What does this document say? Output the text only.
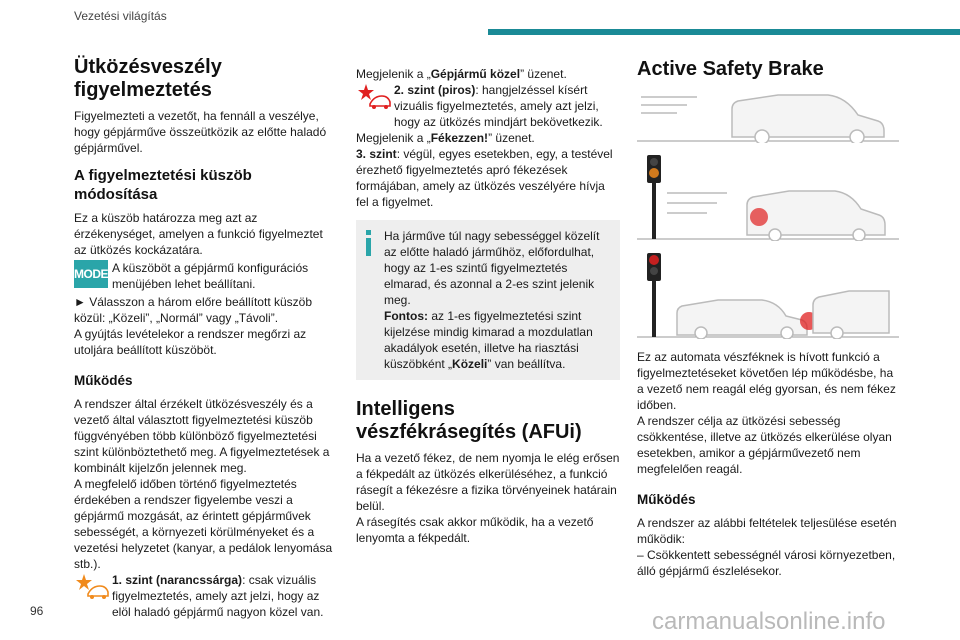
Vezetési világítás
Ütközésveszély figyelmeztetés

Figyelmezteti a vezetőt, ha fennáll a veszélye, hogy gépjárműve összeütközik az előtte haladó gépjárművel.

A figyelmeztetési küszöb módosítása

Ez a küszöb határozza meg azt az érzékenységet, amelyen a funkció figyelmeztet az ütközés kockázatára.

MODE A küszöböt a gépjármű konfigurációs menüjében lehet beállítani.

► Válasszon a három előre beállított küszöb közül: „Közeli”, „Normál” vagy „Távoli”.

A gyújtás levételekor a rendszer megőrzi az utoljára beállított küszöböt.

Működés

A rendszer által érzékelt ütközésveszély és a vezető által választott figyelmeztetési küszöb függvényében több különböző figyelmeztetési szint különböztethető meg. A figyelmeztetések a kombinált kijelzőn jelennek meg.

A megfelelő időben történő figyelmeztetés érdekében a rendszer figyelembe veszi a gépjármű mozgását, az érintett gépjárművek sebességét, a környezeti körülményeket és a vezetési helyzetet (kanyar, a pedálok lenyomása stb.).

1. szint (narancssárga): csak vizuális figyelmeztetés, amely azt jelzi, hogy az elöl haladó gépjármű nagyon közel van.

Megjelenik a „Gépjármű közel” üzenet.

2. szint (piros): hangjelzéssel kísért vizuális figyelmeztetés, amely azt jelzi, hogy az ütközés mindjárt bekövetkezik.

Megjelenik a „Fékezzen!” üzenet.

3. szint: végül, egyes esetekben, egy, a testével érezhető figyelmeztetés apró fékezések formájában, amely az ütközés veszélyére hívja fel a figyelmet.

Ha járműve túl nagy sebességgel közelít az előtte haladó járműhöz, előfordulhat, hogy az 1-es szintű figyelmeztetés elmarad, és azonnal a 2-es szint jelenik meg.

Fontos: az 1-es figyelmeztetési szint kijelzése mindig kimarad a mozdulatlan akadályok esetén, illetve ha riasztási küszöbként „Közeli” van beállítva.

Intelligens vészfékrásegítés (AFUi)

Ha a vezető fékez, de nem nyomja le elég erősen a fékpedált az ütközés elkerüléséhez, a funkció rásegít a fékezésre a fizika törvényeinek határain belül.

A rásegítés csak akkor működik, ha a vezető lenyomta a fékpedált.

Active Safety Brake

Ez az automata vészféknek is hívott funkció a figyelmeztetéseket követően lép működésbe, ha a vezető nem reagál elég gyorsan, és nem fékez időben.

A rendszer célja az ütközési sebesség csökkentése, illetve az ütközés elkerülése olyan esetekben, amikor a gépjárművezető nem megfelelően reagál.

Működés

A rendszer az alábbi feltételek teljesülése esetén működik:

– Csökkentett sebességnél városi környezetben, álló gépjármű észlelésekor.

96	carmanualsonline.info
